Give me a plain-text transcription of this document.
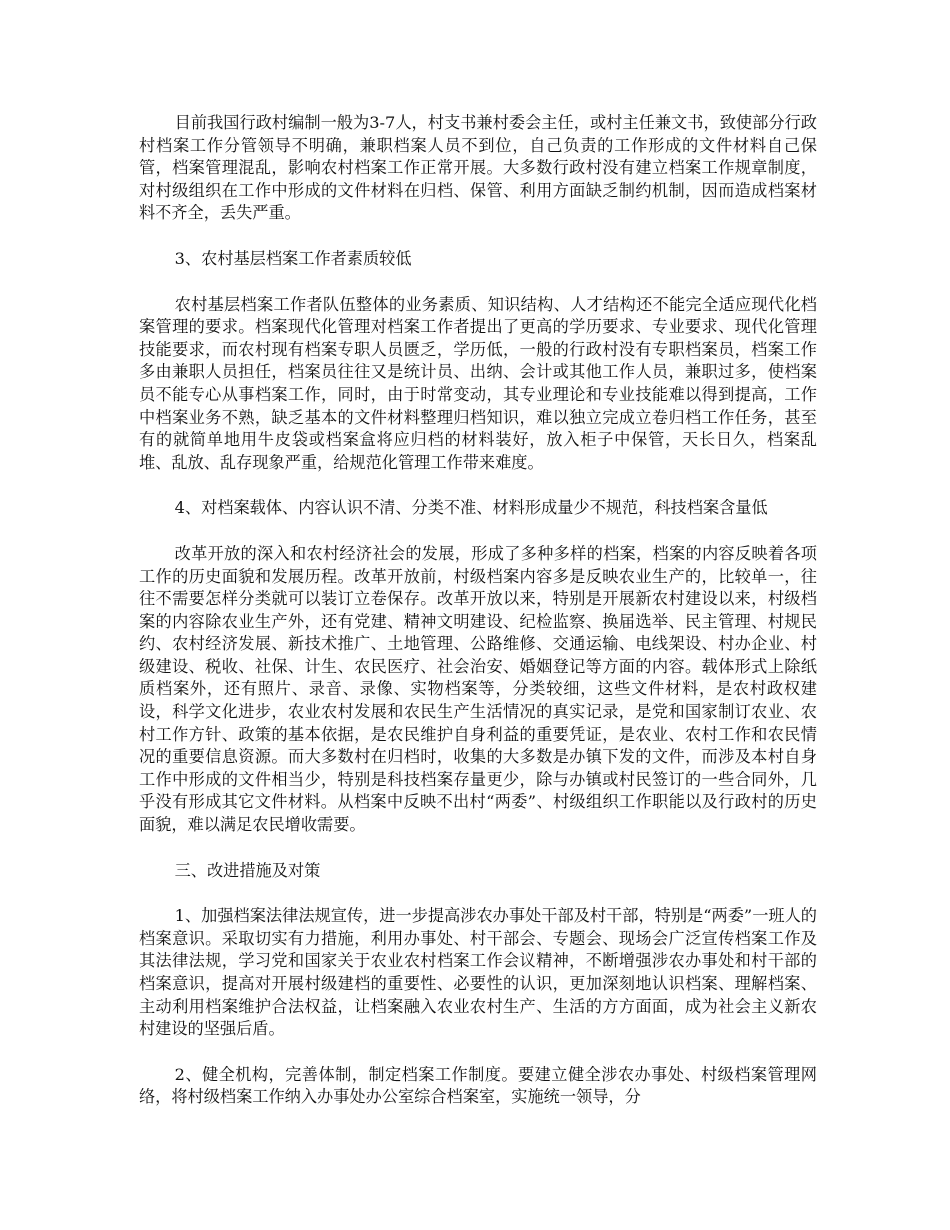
目前我国行政村编制一般为3-7人，村支书兼村委会主任，或村主任兼文书，致使部分行政村档案工作分管领导不明确，兼职档案人员不到位，自己负责的工作形成的文件材料自己保管，档案管理混乱，影响农村档案工作正常开展。大多数行政村没有建立档案工作规章制度，对村级组织在工作中形成的文件材料在归档、保管、利用方面缺乏制约机制，因而造成档案材料不齐全，丢失严重。

3、农村基层档案工作者素质较低

农村基层档案工作者队伍整体的业务素质、知识结构、人才结构还不能完全适应现代化档案管理的要求。档案现代化管理对档案工作者提出了更高的学历要求、专业要求、现代化管理技能要求，而农村现有档案专职人员匮乏，学历低，一般的行政村没有专职档案员，档案工作多由兼职人员担任，档案员往往又是统计员、出纳、会计或其他工作人员，兼职过多，使档案员不能专心从事档案工作，同时，由于时常变动，其专业理论和专业技能难以得到提高，工作中档案业务不熟，缺乏基本的文件材料整理归档知识，难以独立完成立卷归档工作任务，甚至有的就简单地用牛皮袋或档案盒将应归档的材料装好，放入柜子中保管，天长日久，档案乱堆、乱放、乱存现象严重，给规范化管理工作带来难度。

4、对档案载体、内容认识不清、分类不准、材料形成量少不规范，科技档案含量低

改革开放的深入和农村经济社会的发展，形成了多种多样的档案，档案的内容反映着各项工作的历史面貌和发展历程。改革开放前，村级档案内容多是反映农业生产的，比较单一，往往不需要怎样分类就可以装订立卷保存。改革开放以来，特别是开展新农村建设以来，村级档案的内容除农业生产外，还有党建、精神文明建设、纪检监察、换届选举、民主管理、村规民约、农村经济发展、新技术推广、土地管理、公路维修、交通运输、电线架设、村办企业、村级建设、税收、社保、计生、农民医疗、社会治安、婚姻登记等方面的内容。载体形式上除纸质档案外，还有照片、录音、录像、实物档案等，分类较细，这些文件材料，是农村政权建设，科学文化进步，农业农村发展和农民生产生活情况的真实记录，是党和国家制订农业、农村工作方针、政策的基本依据，是农民维护自身利益的重要凭证，是农业、农村工作和农民情况的重要信息资源。而大多数村在归档时，收集的大多数是办镇下发的文件，而涉及本村自身工作中形成的文件相当少，特别是科技档案存量更少，除与办镇或村民签订的一些合同外，几乎没有形成其它文件材料。从档案中反映不出村“两委”、村级组织工作职能以及行政村的历史面貌，难以满足农民增收需要。

三、改进措施及对策

1、加强档案法律法规宣传，进一步提高涉农办事处干部及村干部，特别是“两委”一班人的档案意识。采取切实有力措施，利用办事处、村干部会、专题会、现场会广泛宣传档案工作及其法律法规，学习党和国家关于农业农村档案工作会议精神，不断增强涉农办事处和村干部的档案意识，提高对开展村级建档的重要性、必要性的认识，更加深刻地认识档案、理解档案、主动利用档案维护合法权益，让档案融入农业农村生产、生活的方方面面，成为社会主义新农村建设的坚强后盾。

2、健全机构，完善体制，制定档案工作制度。要建立健全涉农办事处、村级档案管理网络，将村级档案工作纳入办事处办公室综合档案室，实施统一领导，分
